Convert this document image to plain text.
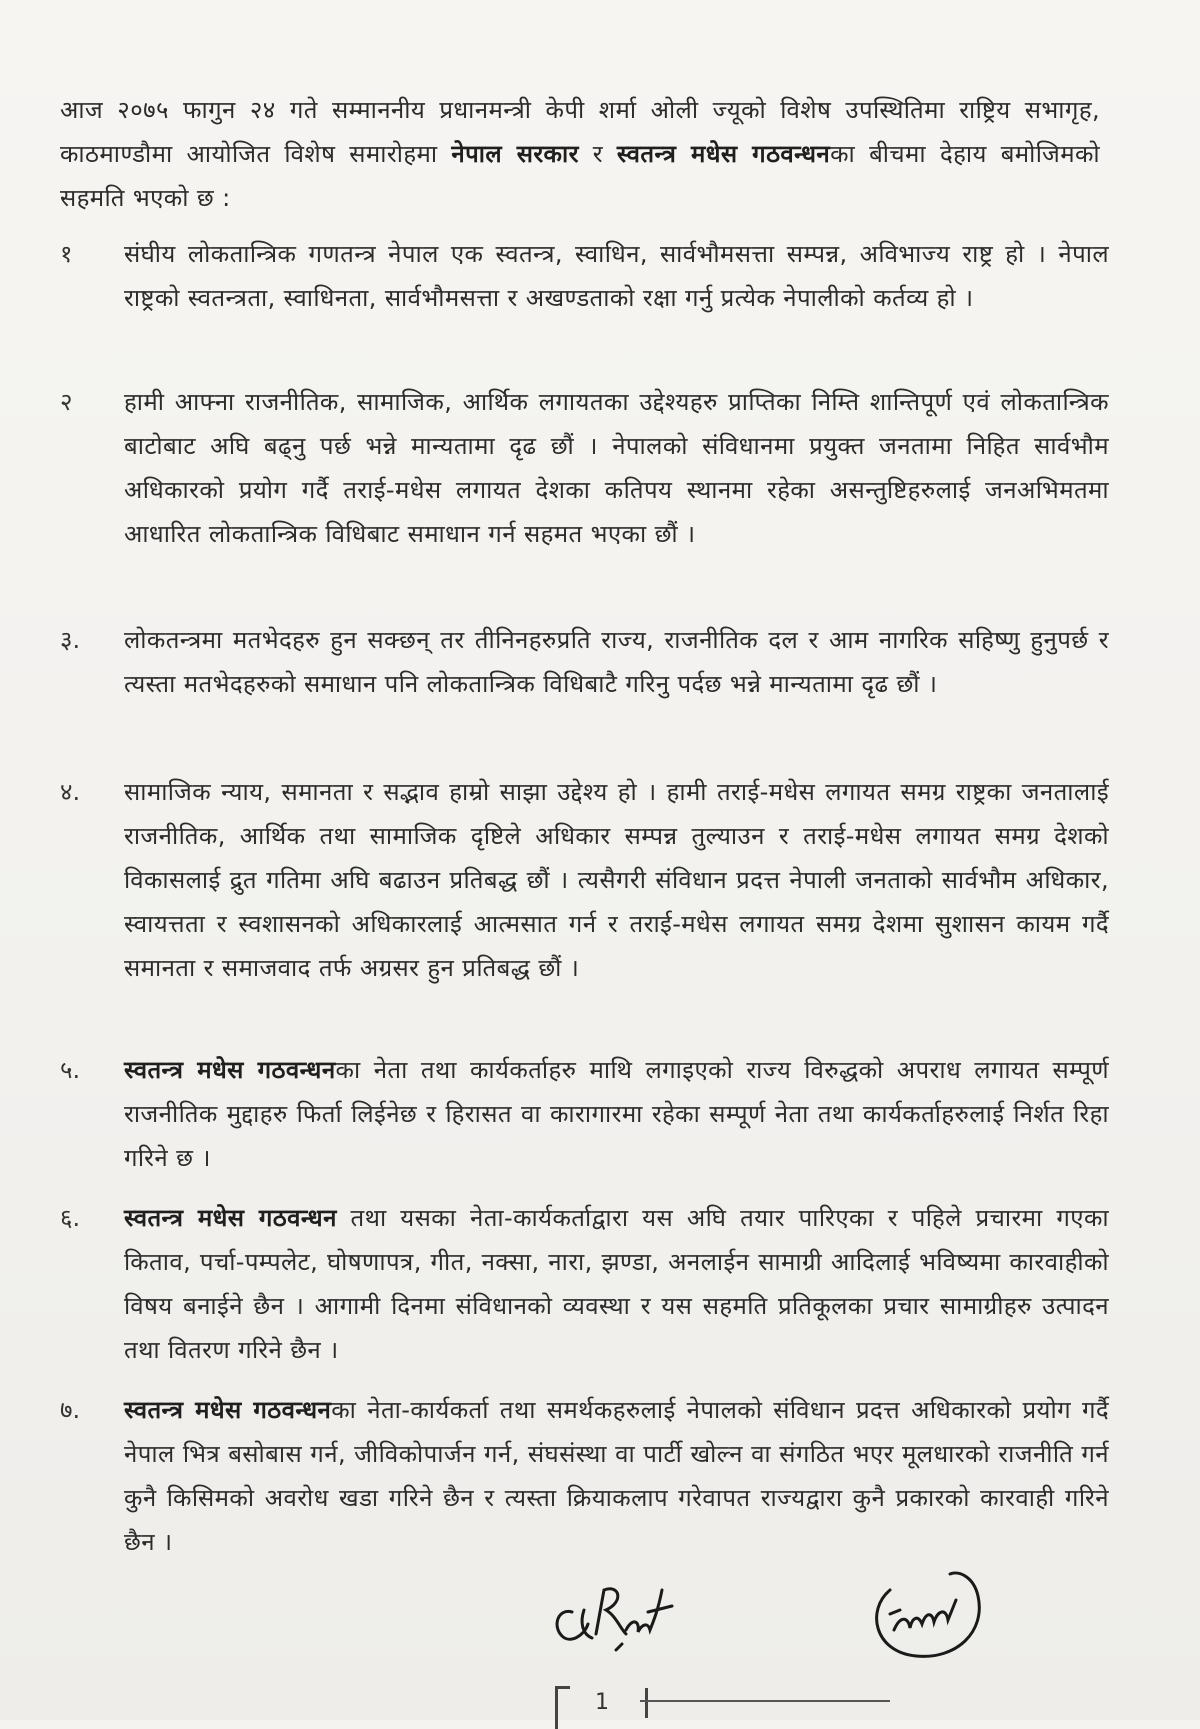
आज २०७५ फागुन २४ गते सम्माननीय प्रधानमन्त्री केपी शर्मा ओली ज्यूको विशेष उपस्थितिमा राष्ट्रिय सभागृह, काठमाण्डौमा आयोजित विशेष समारोहमा नेपाल सरकार र स्वतन्त्र मधेस गठवन्धनका बीचमा देहाय बमोजिमको सहमति भएको छ :

१	संघीय लोकतान्त्रिक गणतन्त्र नेपाल एक स्वतन्त्र, स्वाधिन, सार्वभौमसत्ता सम्पन्न, अविभाज्य राष्ट्र हो । नेपाल राष्ट्रको स्वतन्त्रता, स्वाधिनता, सार्वभौमसत्ता र अखण्डताको रक्षा गर्नु प्रत्येक नेपालीको कर्तव्य हो ।

२	हामी आफ्ना राजनीतिक, सामाजिक, आर्थिक लगायतका उद्देश्यहरु प्राप्तिका निम्ति शान्तिपूर्ण एवं लोकतान्त्रिक बाटोबाट अघि बढ्नु पर्छ भन्ने मान्यतामा दृढ छौं । नेपालको संविधानमा प्रयुक्त जनतामा निहित सार्वभौम अधिकारको प्रयोग गर्दै तराई-मधेस लगायत देशका कतिपय स्थानमा रहेका असन्तुष्टिहरुलाई जनअभिमतमा आधारित लोकतान्त्रिक विधिबाट समाधान गर्न सहमत भएका छौं ।

३.	लोकतन्त्रमा मतभेदहरु हुन सक्छन् तर तीनिनहरुप्रति राज्य, राजनीतिक दल र आम नागरिक सहिष्णु हुनुपर्छ र त्यस्ता मतभेदहरुको समाधान पनि लोकतान्त्रिक विधिबाटै गरिनु पर्दछ भन्ने मान्यतामा दृढ छौं ।

४.	सामाजिक न्याय, समानता र सद्भाव हाम्रो साझा उद्देश्य हो । हामी तराई-मधेस लगायत समग्र राष्ट्रका जनतालाई राजनीतिक, आर्थिक तथा सामाजिक दृष्टिले अधिकार सम्पन्न तुल्याउन र तराई-मधेस लगायत समग्र देशको विकासलाई द्रुत गतिमा अघि बढाउन प्रतिबद्ध छौं । त्यसैगरी संविधान प्रदत्त नेपाली जनताको सार्वभौम अधिकार, स्वायत्तता र स्वशासनको अधिकारलाई आत्मसात गर्न र तराई-मधेस लगायत समग्र देशमा सुशासन कायम गर्दै समानता र समाजवाद तर्फ अग्रसर हुन प्रतिबद्ध छौं ।

५.	स्वतन्त्र मधेस गठवन्धनका नेता तथा कार्यकर्ताहरु माथि लगाइएको राज्य विरुद्धको अपराध लगायत सम्पूर्ण राजनीतिक मुद्दाहरु फिर्ता लिईनेछ र हिरासत वा कारागारमा रहेका सम्पूर्ण नेता तथा कार्यकर्ताहरुलाई निर्शत रिहा गरिने छ ।

६.	स्वतन्त्र मधेस गठवन्धन तथा यसका नेता-कार्यकर्ताद्वारा यस अघि तयार पारिएका र पहिले प्रचारमा गएका किताव, पर्चा-पम्पलेट, घोषणापत्र, गीत, नक्सा, नारा, झण्डा, अनलाईन सामाग्री आदिलाई भविष्यमा कारवाहीको विषय बनाईने छैन । आगामी दिनमा संविधानको व्यवस्था र यस सहमति प्रतिकूलका प्रचार सामाग्रीहरु उत्पादन तथा वितरण गरिने छैन ।

७.	स्वतन्त्र मधेस गठवन्धनका नेता-कार्यकर्ता तथा समर्थकहरुलाई नेपालको संविधान प्रदत्त अधिकारको प्रयोग गर्दै नेपाल भित्र बसोबास गर्न, जीविकोपार्जन गर्न, संघसंस्था वा पार्टी खोल्न वा संगठित भएर मूलधारको राजनीति गर्न कुनै किसिमको अवरोध खडा गरिने छैन र त्यस्ता क्रियाकलाप गरेवापत राज्यद्वारा कुनै प्रकारको कारवाही गरिने छैन ।

1
